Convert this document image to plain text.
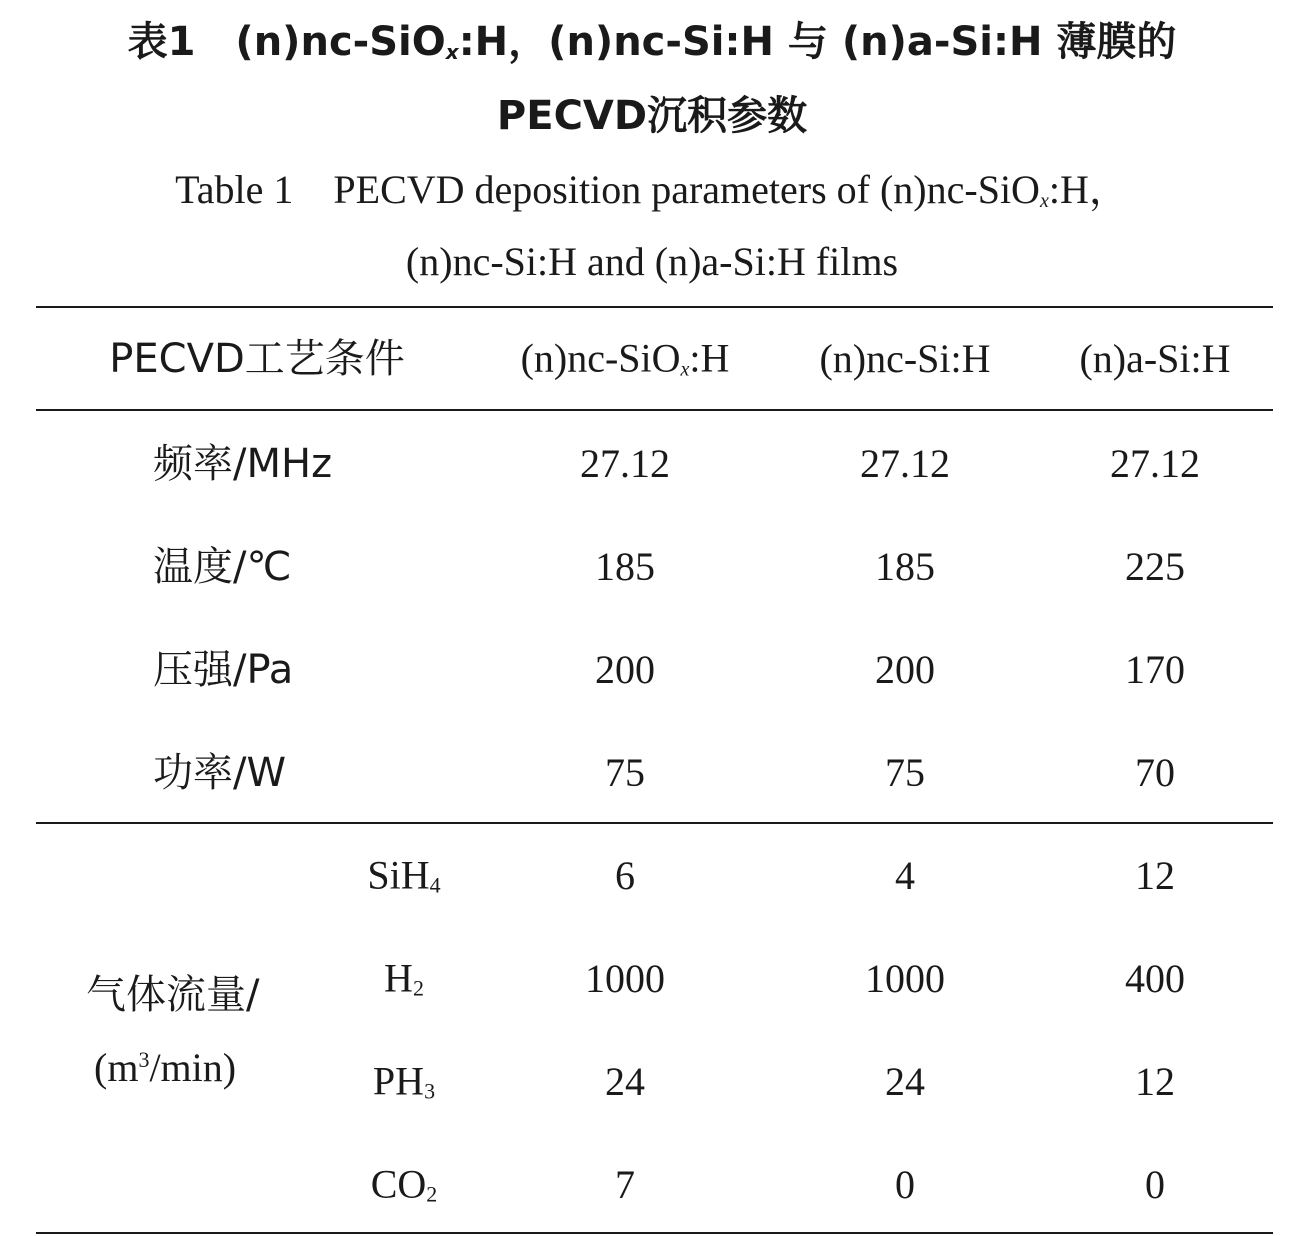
表1　(n)nc-SiOx:H，(n)nc-Si:H 与 (n)a-Si:H 薄膜的
PECVD沉积参数
Table 1　PECVD deposition parameters of (n)nc-SiOx:H，
(n)nc-Si:H and (n)a-Si:H films
PECVD工艺条件	(n)nc-SiOx:H (n)nc-Si:H (n)a-Si:H
频率/MHz	27.12	27.12	27.12
温度/℃	185	185	225
压强/Pa	200	200	170
功率/W	75	75	70
气体流量/
$(m^3/\min)$
SiH$_4$	6	4	12
$H_2$	1000	1000	400
$PH_3$	24	24	12
$CO_2$	7	0	0
